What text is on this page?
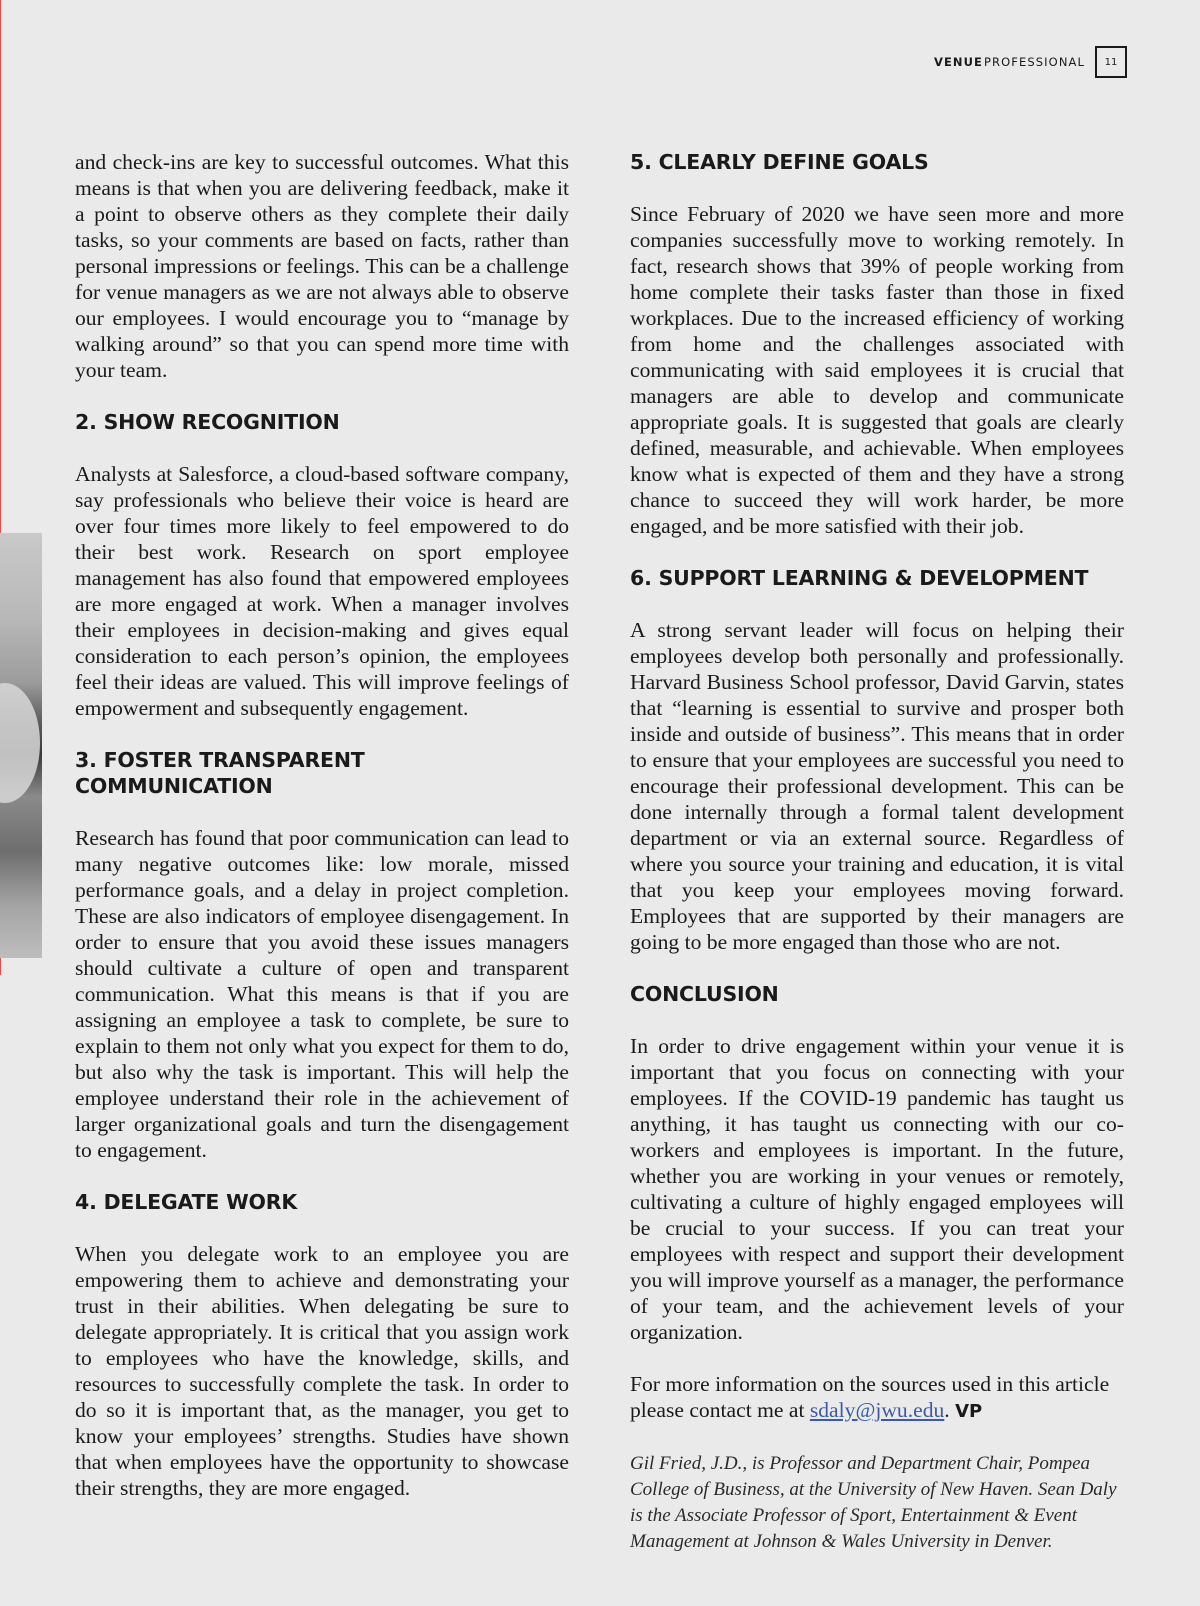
VENUE PROFESSIONAL	11

and check-ins are key to successful outcomes. What this means is that when you are delivering feedback, make it a point to observe others as they complete their daily tasks, so your comments are based on facts, rather than personal impressions or feelings. This can be a challenge for venue managers as we are not always able to observe our employees. I would encourage you to “manage by walking around” so that you can spend more time with your team.

2. SHOW RECOGNITION

Analysts at Salesforce, a cloud-based software company, say professionals who believe their voice is heard are over four times more likely to feel empowered to do their best work. Research on sport employee management has also found that empowered employees are more engaged at work. When a manager involves their employees in decision-making and gives equal consideration to each person’s opinion, the employees feel their ideas are valued. This will improve feelings of empowerment and subsequently engagement.

3. FOSTER TRANSPARENT COMMUNICATION

Research has found that poor communication can lead to many negative outcomes like: low morale, missed performance goals, and a delay in project completion. These are also indicators of employee disengagement. In order to ensure that you avoid these issues managers should cultivate a culture of open and transparent communication. What this means is that if you are assigning an employee a task to complete, be sure to explain to them not only what you expect for them to do, but also why the task is important. This will help the employee understand their role in the achievement of larger organizational goals and turn the disengagement to engagement.

4. DELEGATE WORK

When you delegate work to an employee you are empowering them to achieve and demonstrating your trust in their abilities. When delegating be sure to delegate appropriately. It is critical that you assign work to employees who have the knowledge, skills, and resources to successfully complete the task. In order to do so it is important that, as the manager, you get to know your employees’ strengths. Studies have shown that when employees have the opportunity to showcase their strengths, they are more engaged.

5. CLEARLY DEFINE GOALS

Since February of 2020 we have seen more and more companies successfully move to working remotely. In fact, research shows that 39% of people working from home complete their tasks faster than those in fixed workplaces. Due to the increased efficiency of working from home and the challenges associated with communicating with said employees it is crucial that managers are able to develop and communicate appropriate goals. It is suggested that goals are clearly defined, measurable, and achievable. When employees know what is expected of them and they have a strong chance to succeed they will work harder, be more engaged, and be more satisfied with their job.

6. SUPPORT LEARNING & DEVELOPMENT

A strong servant leader will focus on helping their employees develop both personally and professionally. Harvard Business School professor, David Garvin, states that “learning is essential to survive and prosper both inside and outside of business”. This means that in order to ensure that your employees are successful you need to encourage their professional development. This can be done internally through a formal talent development department or via an external source. Regardless of where you source your training and education, it is vital that you keep your employees moving forward. Employees that are supported by their managers are going to be more engaged than those who are not.

CONCLUSION

In order to drive engagement within your venue it is important that you focus on connecting with your employees. If the COVID-19 pandemic has taught us anything, it has taught us connecting with our co-workers and employees is important. In the future, whether you are working in your venues or remotely, cultivating a culture of highly engaged employees will be crucial to your success. If you can treat your employees with respect and support their development you will improve yourself as a manager, the performance of your team, and the achievement levels of your organization.

For more information on the sources used in this article please contact me at sdaly@jwu.edu. VP

Gil Fried, J.D., is Professor and Department Chair, Pompea College of Business, at the University of New Haven. Sean Daly is the Associate Professor of Sport, Entertainment & Event Management at Johnson & Wales University in Denver.
